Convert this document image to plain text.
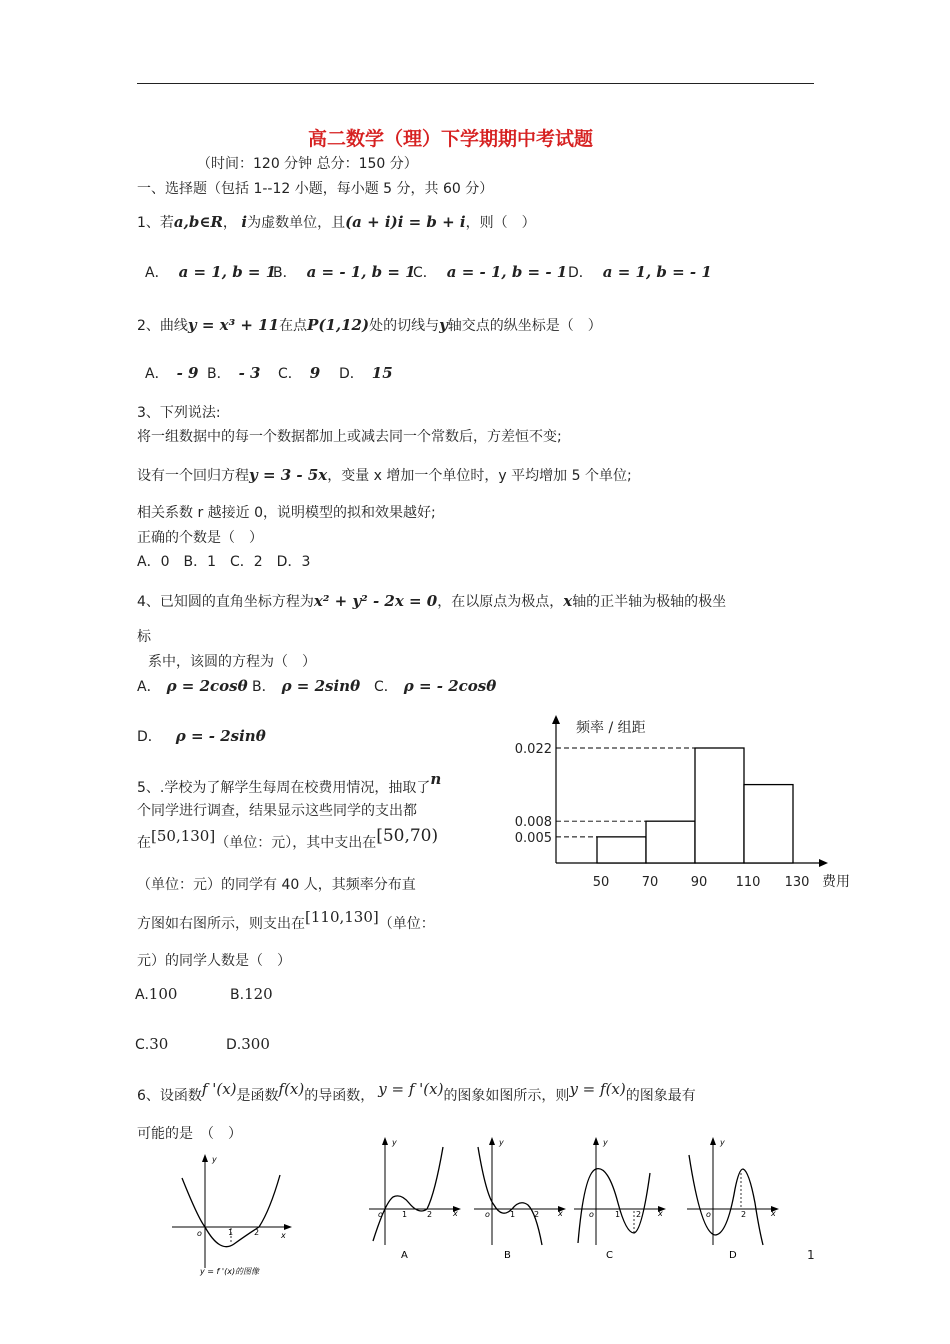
高二数学（理）下学期期中考试题
（时间：120 分钟 总分：150 分）
一、选择题（包括 1--12 小题，每小题 5 分，共 60 分）
1、若a,b∈R， i为虚数单位，且(a + i)i = b + i，则（　）
A． a = 1, b = 1
B． a = - 1, b = 1
C． a = - 1, b = - 1 D． a = 1, b = - 1
2、曲线y = x³ + 11在点P(1,12)处的切线与y轴交点的纵坐标是（　）
A． - 9 B． - 3 C． 9 D． 15
3、下列说法:
将一组数据中的每一个数据都加上或减去同一个常数后，方差恒不变;
设有一个回归方程y = 3 - 5x，变量 x 增加一个单位时，y 平均增加 5 个单位;
相关系数 r 越接近 0，说明模型的拟和效果越好;
正确的个数是（　）
A．0　B．1　C．2　D．3
4、已知圆的直角坐标方程为x² + y² - 2x = 0，在以原点为极点，x轴的正半轴为极轴的极坐
标
系中，该圆的方程为（　）
A． ρ = 2cosθ B． ρ = 2sinθ C． ρ = - 2cosθ
D． ρ = - 2sinθ
5、.学校为了解学生每周在校费用情况，抽取了n
个同学进行调查，结果显示这些同学的支出都
在[50,130]（单位：元），其中支出在[50,70)
（单位：元）的同学有 40 人，其频率分布直
方图如右图所示，则支出在[110,130]（单位：
元）的同学人数是（　）
A.100	B.120
C.30	D.300
频率 / 组距
费用
0.022
0.008
0.005
50 70 90 110 130
6、设函数f '(x)是函数f(x)的导函数， y = f '(x)的图象如图所示，则y = f(x)的图象最有
可能的是　（　）
y
x
o	1	2
y = f '(x)的图像
y
x
o 1 2
A
y
x
o	1 2
B
y
x
o	1 2
C
y
x
o	2
D	1
